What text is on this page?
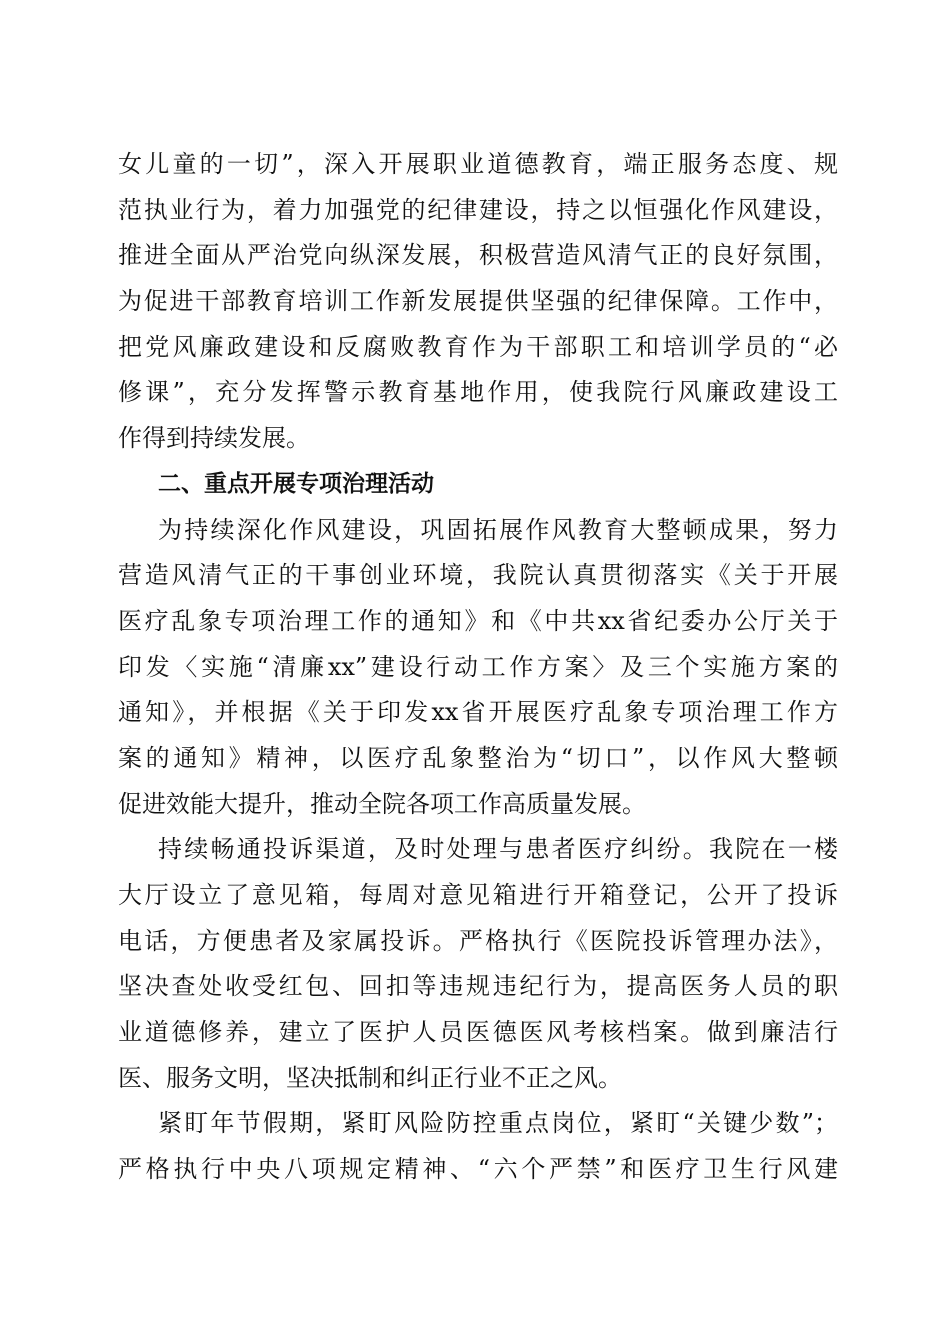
女儿童的一切”，深入开展职业道德教育，端正服务态度、规
范执业行为，着力加强党的纪律建设，持之以恒强化作风建设，
推进全面从严治党向纵深发展，积极营造风清气正的良好氛围，
为促进干部教育培训工作新发展提供坚强的纪律保障。工作中，
把党风廉政建设和反腐败教育作为干部职工和培训学员的“必
修课”，充分发挥警示教育基地作用，使我院行风廉政建设工
作得到持续发展。
二、重点开展专项治理活动
为持续深化作风建设，巩固拓展作风教育大整顿成果，努力
营造风清气正的干事创业环境，我院认真贯彻落实《关于开展
医疗乱象专项治理工作的通知》和《中共xx省纪委办公厅关于
印发〈实施“清廉xx”建设行动工作方案〉及三个实施方案的
通知》，并根据《关于印发xx省开展医疗乱象专项治理工作方
案的通知》精神，以医疗乱象整治为“切口”，以作风大整顿
促进效能大提升，推动全院各项工作高质量发展。
持续畅通投诉渠道，及时处理与患者医疗纠纷。我院在一楼
大厅设立了意见箱，每周对意见箱进行开箱登记，公开了投诉
电话，方便患者及家属投诉。严格执行《医院投诉管理办法》，
坚决查处收受红包、回扣等违规违纪行为，提高医务人员的职
业道德修养，建立了医护人员医德医风考核档案。做到廉洁行
医、服务文明，坚决抵制和纠正行业不正之风。
紧盯年节假期，紧盯风险防控重点岗位，紧盯“关键少数”；
严格执行中央八项规定精神、“六个严禁”和医疗卫生行风建
